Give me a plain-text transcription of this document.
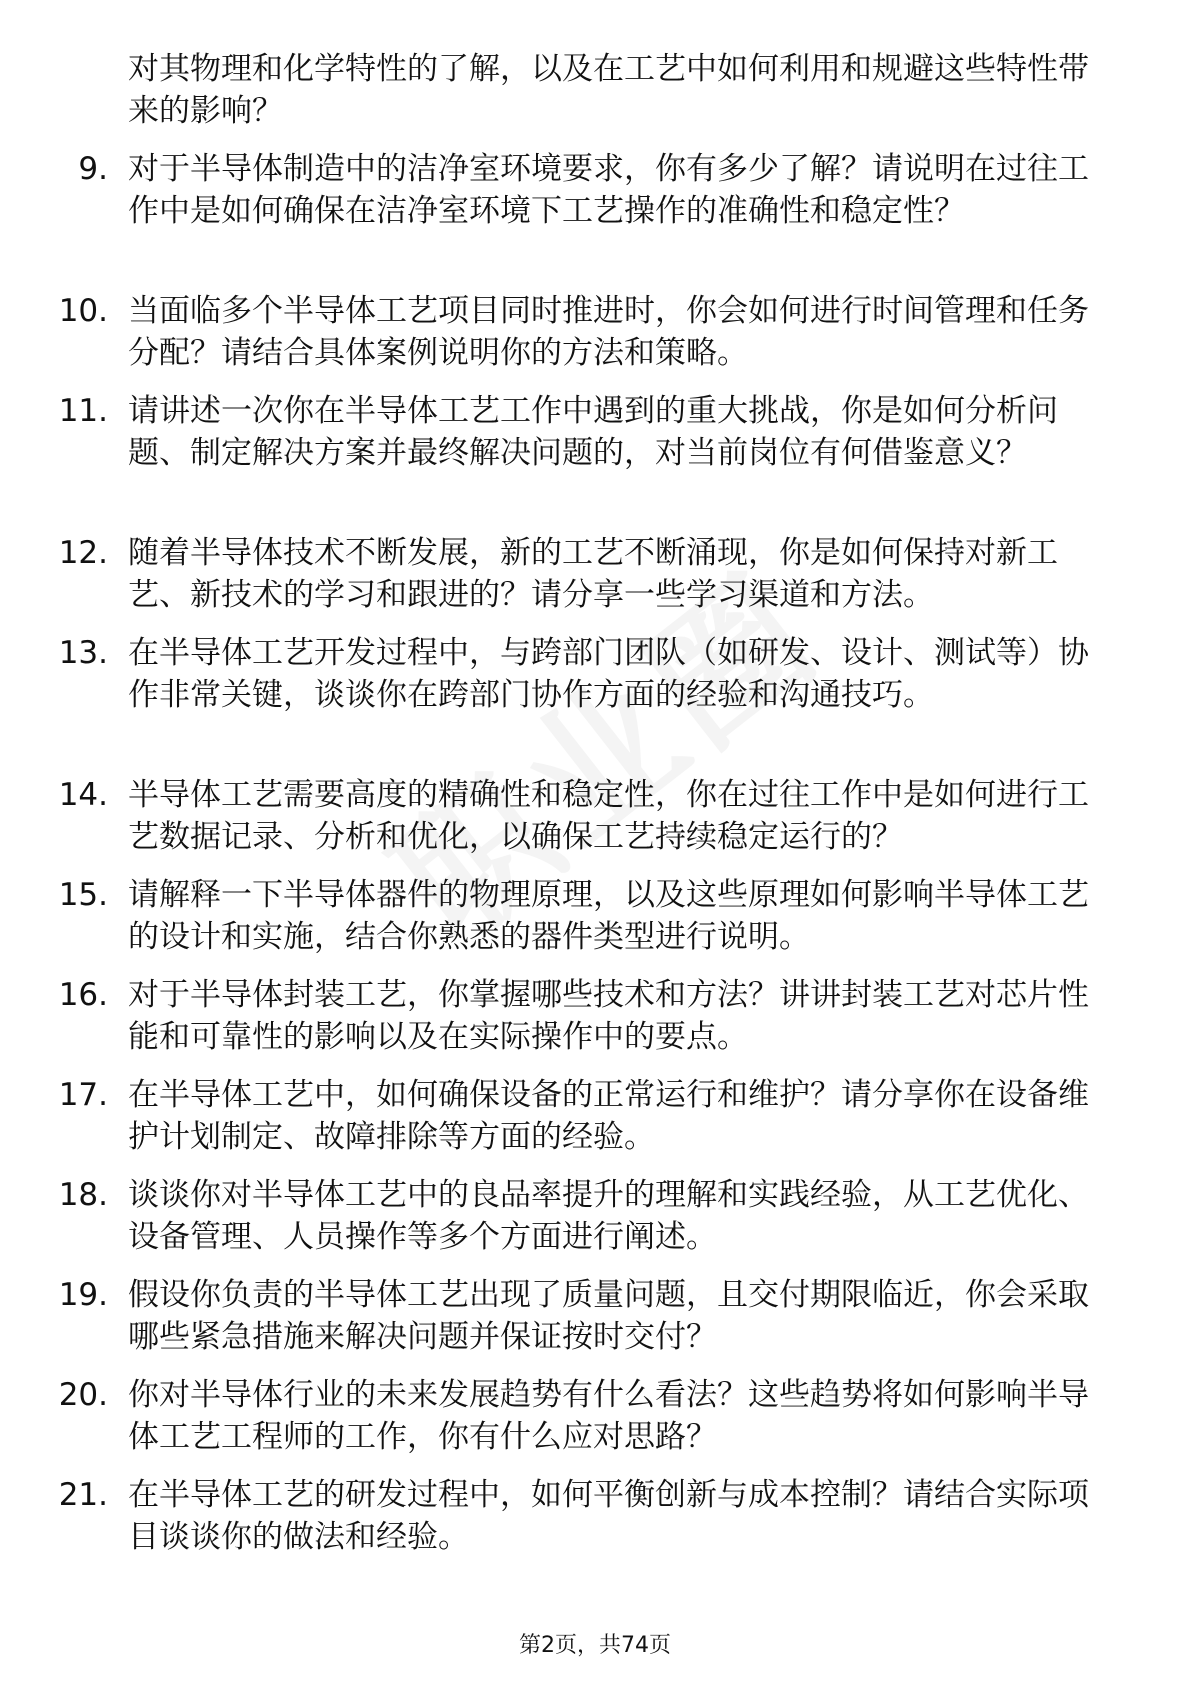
对其物理和化学特性的了解，以及在工艺中如何利用和规避这些特性带来的影响？
9. 对于半导体制造中的洁净室环境要求，你有多少了解？请说明在过往工作中是如何确保在洁净室环境下工艺操作的准确性和稳定性？
10. 当面临多个半导体工艺项目同时推进时，你会如何进行时间管理和任务分配？请结合具体案例说明你的方法和策略。
11. 请讲述一次你在半导体工艺工作中遇到的重大挑战，你是如何分析问题、制定解决方案并最终解决问题的，对当前岗位有何借鉴意义？
12. 随着半导体技术不断发展，新的工艺不断涌现，你是如何保持对新工艺、新技术的学习和跟进的？请分享一些学习渠道和方法。
13. 在半导体工艺开发过程中，与跨部门团队（如研发、设计、测试等）协作非常关键，谈谈你在跨部门协作方面的经验和沟通技巧。
14. 半导体工艺需要高度的精确性和稳定性，你在过往工作中是如何进行工艺数据记录、分析和优化，以确保工艺持续稳定运行的？
15. 请解释一下半导体器件的物理原理，以及这些原理如何影响半导体工艺的设计和实施，结合你熟悉的器件类型进行说明。
16. 对于半导体封装工艺，你掌握哪些技术和方法？讲讲封装工艺对芯片性能和可靠性的影响以及在实际操作中的要点。
17. 在半导体工艺中，如何确保设备的正常运行和维护？请分享你在设备维护计划制定、故障排除等方面的经验。
18. 谈谈你对半导体工艺中的良品率提升的理解和实践经验，从工艺优化、设备管理、人员操作等多个方面进行阐述。
19. 假设你负责的半导体工艺出现了质量问题，且交付期限临近，你会采取哪些紧急措施来解决问题并保证按时交付？
20. 你对半导体行业的未来发展趋势有什么看法？这些趋势将如何影响半导体工艺工程师的工作，你有什么应对思路？
21. 在半导体工艺的研发过程中，如何平衡创新与成本控制？请结合实际项目谈谈你的做法和经验。
第2页，共74页
